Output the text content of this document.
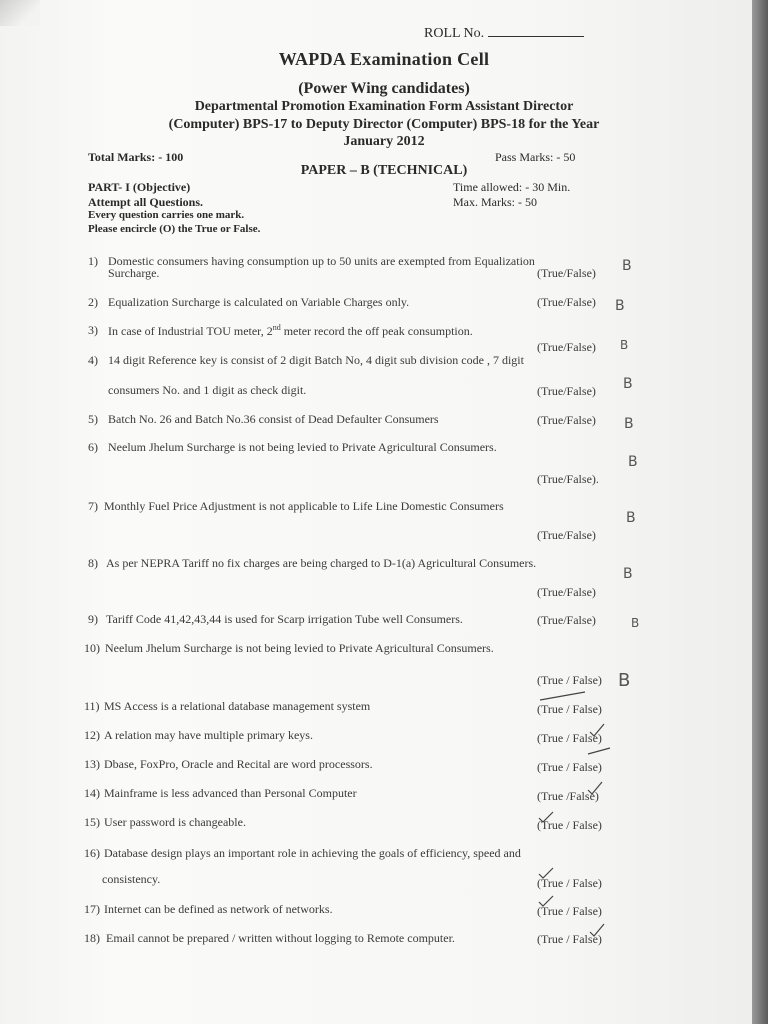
ROLL No.
WAPDA Examination Cell
(Power Wing candidates)
Departmental Promotion Examination Form Assistant Director
(Computer) BPS-17 to Deputy Director (Computer) BPS-18 for the Year
January 2012
Total Marks: - 100	Pass Marks: - 50
PAPER – B (TECHNICAL)
PART- I (Objective)	Time allowed: - 30 Min.
Attempt all Questions.	Max. Marks: - 50
Every question carries one mark.
Please encircle (O) the True or False.
1) Domestic consumers having consumption up to 50 units are exempted from Equalization
Surcharge.	(True/False) B
2) Equalization Surcharge is calculated on Variable Charges only.	(True/False) B
3) In case of Industrial TOU meter, 2nd meter record the off peak consumption.
(True/False) B
4) 14 digit Reference key is consist of 2 digit Batch No, 4 digit sub division code , 7 digit
consumers No. and 1 digit as check digit.	(True/False) B
5) Batch No. 26 and Batch No.36 consist of Dead Defaulter Consumers	(True/False) B
6) Neelum Jhelum Surcharge is not being levied to Private Agricultural Consumers.
(True/False).
B
7) Monthly Fuel Price Adjustment is not applicable to Life Line Domestic Consumers
(True/False)
B
8) As per NEPRA Tariff no fix charges are being charged to D-1(a) Agricultural Consumers.
(True/False)
B
9) Tariff Code 41,42,43,44 is used for Scarp irrigation Tube well Consumers.	(True/False)	B
10) Neelum Jhelum Surcharge is not being levied to Private Agricultural Consumers.
(True / False) B
11) MS Access is a relational database management system	(True / False)
12) A relation may have multiple primary keys.	(True / False)
13) Dbase, FoxPro, Oracle and Recital are word processors.	(True / False)
14) Mainframe is less advanced than Personal Computer	(True /False)
15) User password is changeable.	(True / False)
16) Database design plays an important role in achieving the goals of efficiency, speed and
consistency.	(True / False)
17) Internet can be defined as network of networks.	(True / False)
18) Email cannot be prepared / written without logging to Remote computer.	(True / False)
